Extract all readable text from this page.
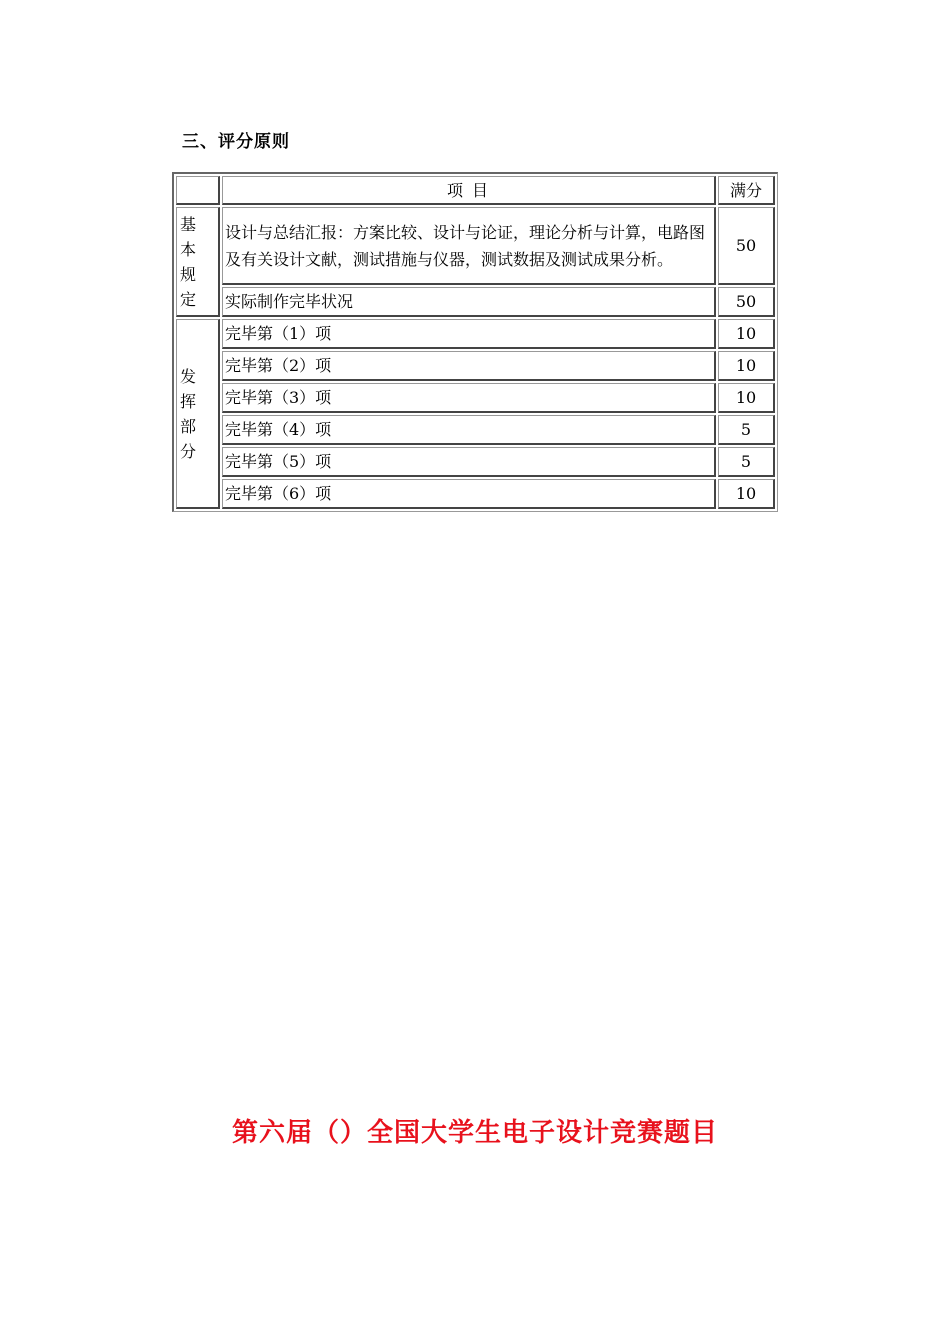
三、评分原则
	项 目	满分

基本规定	设计与总结汇报：方案比较、设计与论证，理论分析与计算，电路图及有关设计文献，测试措施与仪器，测试数据及测试成果分析。	50
	实际制作完毕状况	50

发挥部分	完毕第（1）项	10
	完毕第（2）项	10
	完毕第（3）项	10
	完毕第（4）项	5
	完毕第（5）项	5
	完毕第（6）项	10
第六届（）全国大学生电子设计竞赛题目
